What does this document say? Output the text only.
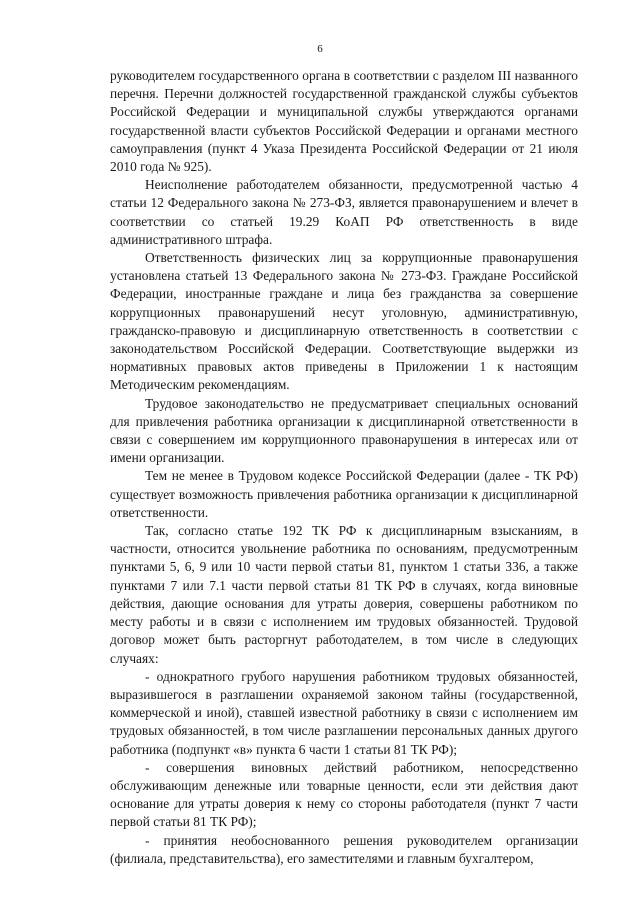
6

руководителем государственного органа в соответствии с разделом III названного перечня. Перечни должностей государственной гражданской службы субъектов Российской Федерации и муниципальной службы утверждаются органами государственной власти субъектов Российской Федерации и органами местного самоуправления (пункт 4 Указа Президента Российской Федерации от 21 июля 2010 года № 925).

Неисполнение работодателем обязанности, предусмотренной частью 4 статьи 12 Федерального закона № 273-ФЗ, является правонарушением и влечет в соответствии со статьей 19.29 КоАП РФ ответственность в виде административного штрафа.

Ответственность физических лиц за коррупционные правонарушения установлена статьей 13 Федерального закона № 273-ФЗ. Граждане Российской Федерации, иностранные граждане и лица без гражданства за совершение коррупционных правонарушений несут уголовную, административную, гражданско-правовую и дисциплинарную ответственность в соответствии с законодательством Российской Федерации. Соответствующие выдержки из нормативных правовых актов приведены в Приложении 1 к настоящим Методическим рекомендациям.

Трудовое законодательство не предусматривает специальных оснований для привлечения работника организации к дисциплинарной ответственности в связи с совершением им коррупционного правонарушения в интересах или от имени организации.

Тем не менее в Трудовом кодексе Российской Федерации (далее - ТК РФ) существует возможность привлечения работника организации к дисциплинарной ответственности.

Так, согласно статье 192 ТК РФ к дисциплинарным взысканиям, в частности, относится увольнение работника по основаниям, предусмотренным пунктами 5, 6, 9 или 10 части первой статьи 81, пунктом 1 статьи 336, а также пунктами 7 или 7.1 части первой статьи 81 ТК РФ в случаях, когда виновные действия, дающие основания для утраты доверия, совершены работником по месту работы и в связи с исполнением им трудовых обязанностей. Трудовой договор может быть расторгнут работодателем, в том числе в следующих случаях:

- однократного грубого нарушения работником трудовых обязанностей, выразившегося в разглашении охраняемой законом тайны (государственной, коммерческой и иной), ставшей известной работнику в связи с исполнением им трудовых обязанностей, в том числе разглашении персональных данных другого работника (подпункт «в» пункта 6 части 1 статьи 81 ТК РФ);

- совершения виновных действий работником, непосредственно обслуживающим денежные или товарные ценности, если эти действия дают основание для утраты доверия к нему со стороны работодателя (пункт 7 части первой статьи 81 ТК РФ);

- принятия необоснованного решения руководителем организации (филиала, представительства), его заместителями и главным бухгалтером,
